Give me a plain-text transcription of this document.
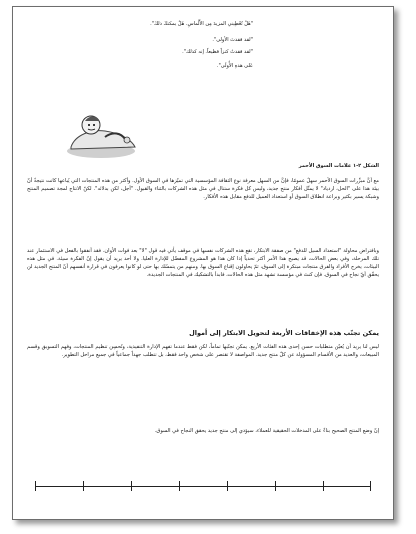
"هَلْ تُعْطِيني المزيدَ مِن الأَلْماسِ. هَلْ يمكنكَ ذلكَ".
"لقد فقدتَ الأولى".
"لقد فقدتُ كنزاً فظيعاً. إنه كذلك".
عَلى هذهِ الأُولَى".
الشكل ٢-١ علامات السوق الأحمر
مع أنَّ مبرِّرات السوق الأحمر سهلٌ عمومًا، فإنَّ من السهل معرفة نوع الثقافة المؤسسية التي تميّزها في السوق الأول. وأكثر من هذه المنتجات التي يُباعها كانت نتيجةً أنّ بيئة هذا على "الحل، ازدياد" لا يمثّل أفكار منتج جديد، وليس كل فكرة ستنال في مثل هذه الشركات بالثناء والقبول. "أجل، لكن بدلائه". لكنّ الانتاج لمجة تصميم المنتج وشبكة يسير بكثير وبراعة انطلاق السوق أو استعداد العميل للدفع مقابل هذه الأفكار.
وبافتراض محاولة "استعداد السيل للدفع" من صفقة الابتكار، تقع هذه الشركات نفسها في موقف يأتي فيه قول "لا" بعد فوات الأوان. فقد أنفقوا بالفعل في الاستثمار عند تلك المرحلة، وفي بعض الحالات، قد يصبح هذا الأمر أكثر تحدياً إذا كان هذا هو المشروع المفضّل للإدارة العليا. ولا أحد يريد أن يقول إنّ الفكرة سيئة. في مثل هذه البيئات، يخرج الأفراد والفرق منتجات مبتكرة إلى السوق، ثمّ يحاولون إقناع السوق بها. ومنهم من يتمسّك بها حتى لو كانوا يعرفون في قرارة أنفسهم أنّ المنتج الجديد لن يحقّق أيّ نجاح في السوق. فإن كنتَ في مؤسسة تشهد مثل هذه الحالات، فابدأ بالتشكيك في المنتجات الجديدة.
يمكن تجنّب هذه الإخفاقات الأربعة لتحويل الابتكار إلى أموال
ليس لنا يريد أن يُعيّن متطلبات حسن إحدى هذه الفئات الأربع. يمكن تجنّبها تماماً، لكن فقط عندما تفهم الإدارة التنفيذية، وتُحسِن تنظيم المنتجات، وفهم التسويق وقسم المبيعات، والعديد من الأقسام المسؤولة عن كلّ منتج جديد. المواصفة لا تقتصر على شخص واحد فقط، بل تتطلب جهداً جماعياً في جميع مراحل التطوير.
إنّ وضع المنتج الصحيح بناءً على المدخلات الحقيقية للعملاء، سيؤدي إلى منتج جديد يحقق النجاح في السوق.
